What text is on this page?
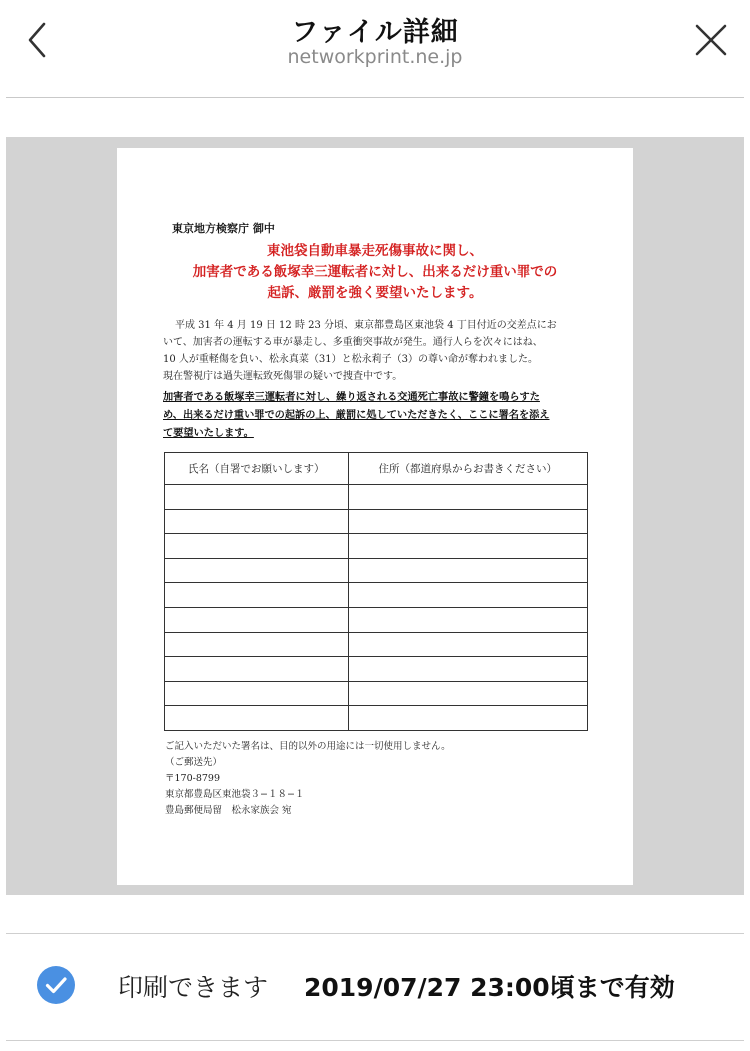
ファイル詳細
networkprint.ne.jp
東京地方検察庁 御中
東池袋自動車暴走死傷事故に関し、
加害者である飯塚幸三運転者に対し、出来るだけ重い罪での
起訴、厳罰を強く要望いたします。
平成 31 年 4 月 19 日 12 時 23 分頃、東京都豊島区東池袋 4 丁目付近の交差点にお
いて、加害者の運転する車が暴走し、多重衝突事故が発生。通行人らを次々にはね、
10 人が重軽傷を負い、松永真菜（31）と松永莉子（3）の尊い命が奪われました。
現在警視庁は過失運転致死傷罪の疑いで捜査中です。
加害者である飯塚幸三運転者に対し、繰り返される交通死亡事故に警鐘を鳴らすた
め、出来るだけ重い罪での起訴の上、厳罰に処していただきたく、ここに署名を添え
て要望いたします。
氏名（自署でお願いします）	住所（都道府県からお書きください）

ご記入いただいた署名は、目的以外の用途には一切使用しません。
（ご郵送先）
〒170-8799
東京都豊島区東池袋３−１８−１
豊島郵便局留　松永家族会 宛
印刷できます 2019/07/27 23:00頃まで有効
